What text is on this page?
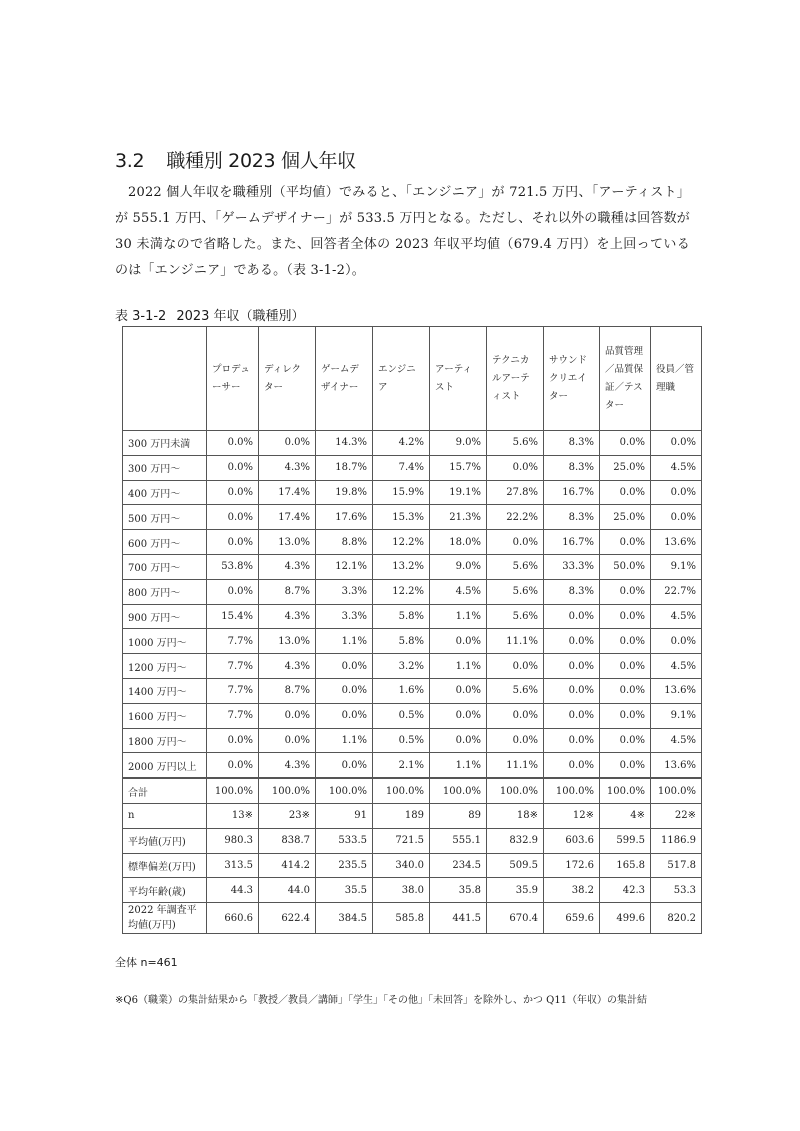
3.2 職種別 2023 個人年収

2022 個人年収を職種別（平均値）でみると、「エンジニア」が 721.5 万円、「アーティスト」が 555.1 万円、「ゲームデザイナー」が 533.5 万円となる。ただし、それ以外の職種は回答数が 30 未満なので省略した。また、回答者全体の 2023 年収平均値（679.4 万円）を上回っているのは「エンジニア」である。（表 3-1-2）。

表 3-1-2 2023 年収（職種別）
	プロデューサー	ディレクター	ゲームデザイナー	エンジニア	アーティスト	テクニカルアーティスト	サウンドクリエイター	品質管理／品質保証／テスター	役員／管理職
300 万円未満	0.0%	0.0%	14.3%	4.2%	9.0%	5.6%	8.3%	0.0%	0.0%
300 万円～	0.0%	4.3%	18.7%	7.4%	15.7%	0.0%	8.3%	25.0%	4.5%
400 万円～	0.0%	17.4%	19.8%	15.9%	19.1%	27.8%	16.7%	0.0%	0.0%
500 万円～	0.0%	17.4%	17.6%	15.3%	21.3%	22.2%	8.3%	25.0%	0.0%
600 万円～	0.0%	13.0%	8.8%	12.2%	18.0%	0.0%	16.7%	0.0%	13.6%
700 万円～	53.8%	4.3%	12.1%	13.2%	9.0%	5.6%	33.3%	50.0%	9.1%
800 万円～	0.0%	8.7%	3.3%	12.2%	4.5%	5.6%	8.3%	0.0%	22.7%
900 万円～	15.4%	4.3%	3.3%	5.8%	1.1%	5.6%	0.0%	0.0%	4.5%
1000 万円～	7.7%	13.0%	1.1%	5.8%	0.0%	11.1%	0.0%	0.0%	0.0%
1200 万円～	7.7%	4.3%	0.0%	3.2%	1.1%	0.0%	0.0%	0.0%	4.5%
1400 万円～	7.7%	8.7%	0.0%	1.6%	0.0%	5.6%	0.0%	0.0%	13.6%
1600 万円～	7.7%	0.0%	0.0%	0.5%	0.0%	0.0%	0.0%	0.0%	9.1%
1800 万円～	0.0%	0.0%	1.1%	0.5%	0.0%	0.0%	0.0%	0.0%	4.5%
2000 万円以上	0.0%	4.3%	0.0%	2.1%	1.1%	11.1%	0.0%	0.0%	13.6%
合計	100.0%	100.0%	100.0%	100.0%	100.0%	100.0%	100.0%	100.0%	100.0%
n	13※	23※	91	189	89	18※	12※	4※	22※
平均値(万円)	980.3	838.7	533.5	721.5	555.1	832.9	603.6	599.5	1186.9
標準偏差(万円)	313.5	414.2	235.5	340.0	234.5	509.5	172.6	165.8	517.8
平均年齢(歳)	44.3	44.0	35.5	38.0	35.8	35.9	38.2	42.3	53.3
2022 年調査平均値(万円)	660.6	622.4	384.5	585.8	441.5	670.4	659.6	499.6	820.2
全体 n=461
※Q6（職業）の集計結果から「教授／教員／講師」「学生」「その他」「未回答」を除外し、かつ Q11（年収）の集計結
